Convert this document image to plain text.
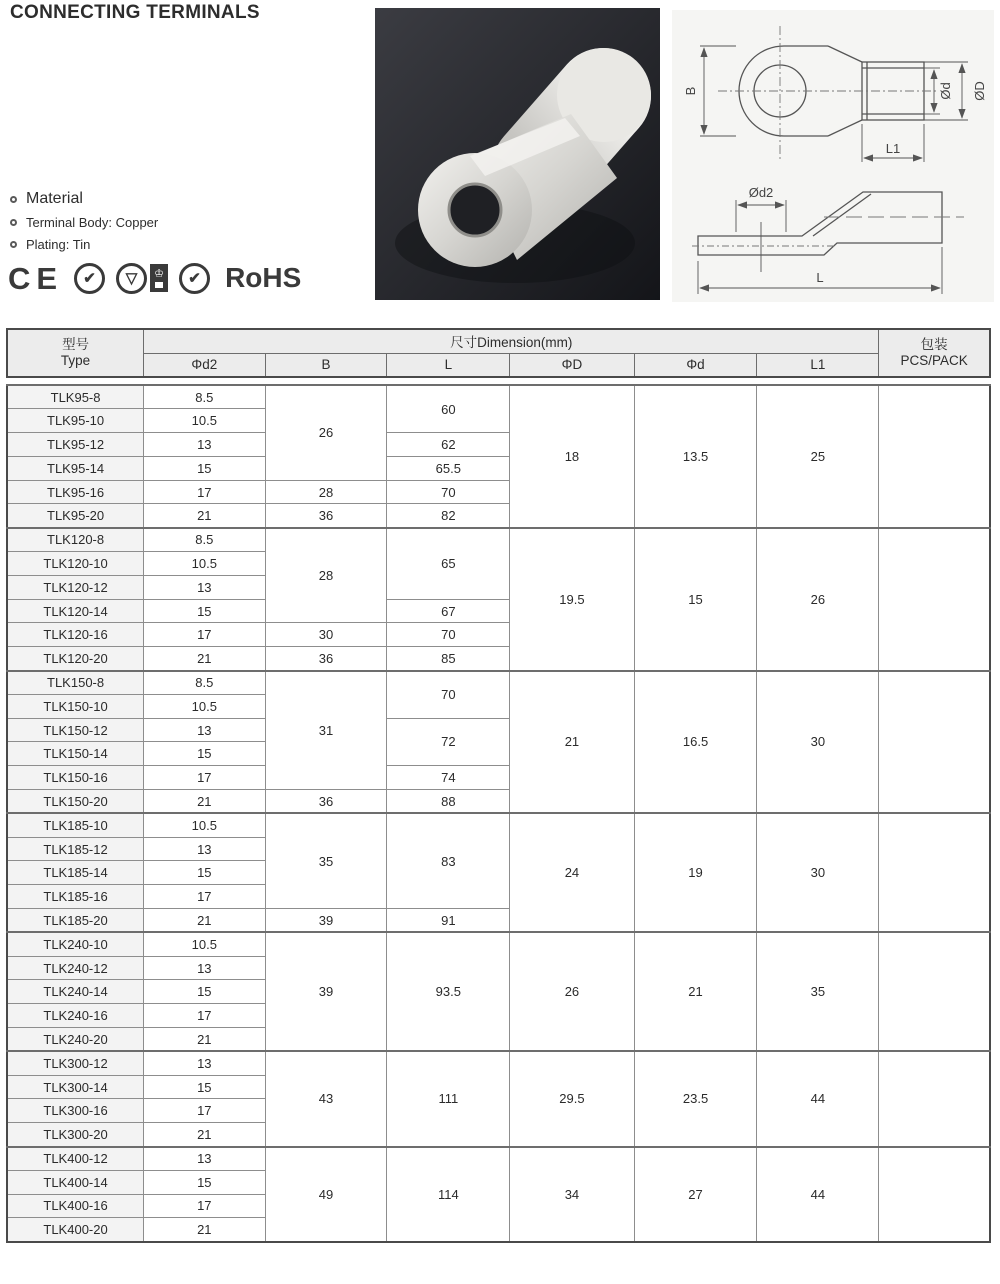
CONNECTING TERMINALS
B	Ød ØD
L1
Ød2
L
Material
Terminal Body: Copper
Plating: Tin
CE	✔	▽	♔	✔ RoHS
型号
Type
	尺寸Dimension(mm)	包装
PCS/PACK

	Φd2	B	L	ΦD	Φd	L1	
TLK95-8	8.5	26	60	18	13.5	25	
TLK95-10	10.5						
TLK95-12	13		62				
TLK95-14	15		65.5				
TLK95-16	17	28	70				
TLK95-20	21	36	82				
TLK120-8	8.5	28	65	19.5	15	26	
TLK120-10	10.5						
TLK120-12	13						
TLK120-14	15		67				
TLK120-16	17	30	70				
TLK120-20	21	36	85				
TLK150-8	8.5	31	70	21	16.5	30	
TLK150-10	10.5						
TLK150-12	13		72				
TLK150-14	15						
TLK150-16	17		74				
TLK150-20	21	36	88				
TLK185-10	10.5	35	83	24	19	30	
TLK185-12	13						
TLK185-14	15						
TLK185-16	17						
TLK185-20	21	39	91				
TLK240-10	10.5	39	93.5	26	21	35	
TLK240-12	13						
TLK240-14	15						
TLK240-16	17						
TLK240-20	21						
TLK300-12	13	43	111	29.5	23.5	44	
TLK300-14	15						
TLK300-16	17						
TLK300-20	21						
TLK400-12	13	49	114	34	27	44	
TLK400-14	15						
TLK400-16	17						
TLK400-20	21						
